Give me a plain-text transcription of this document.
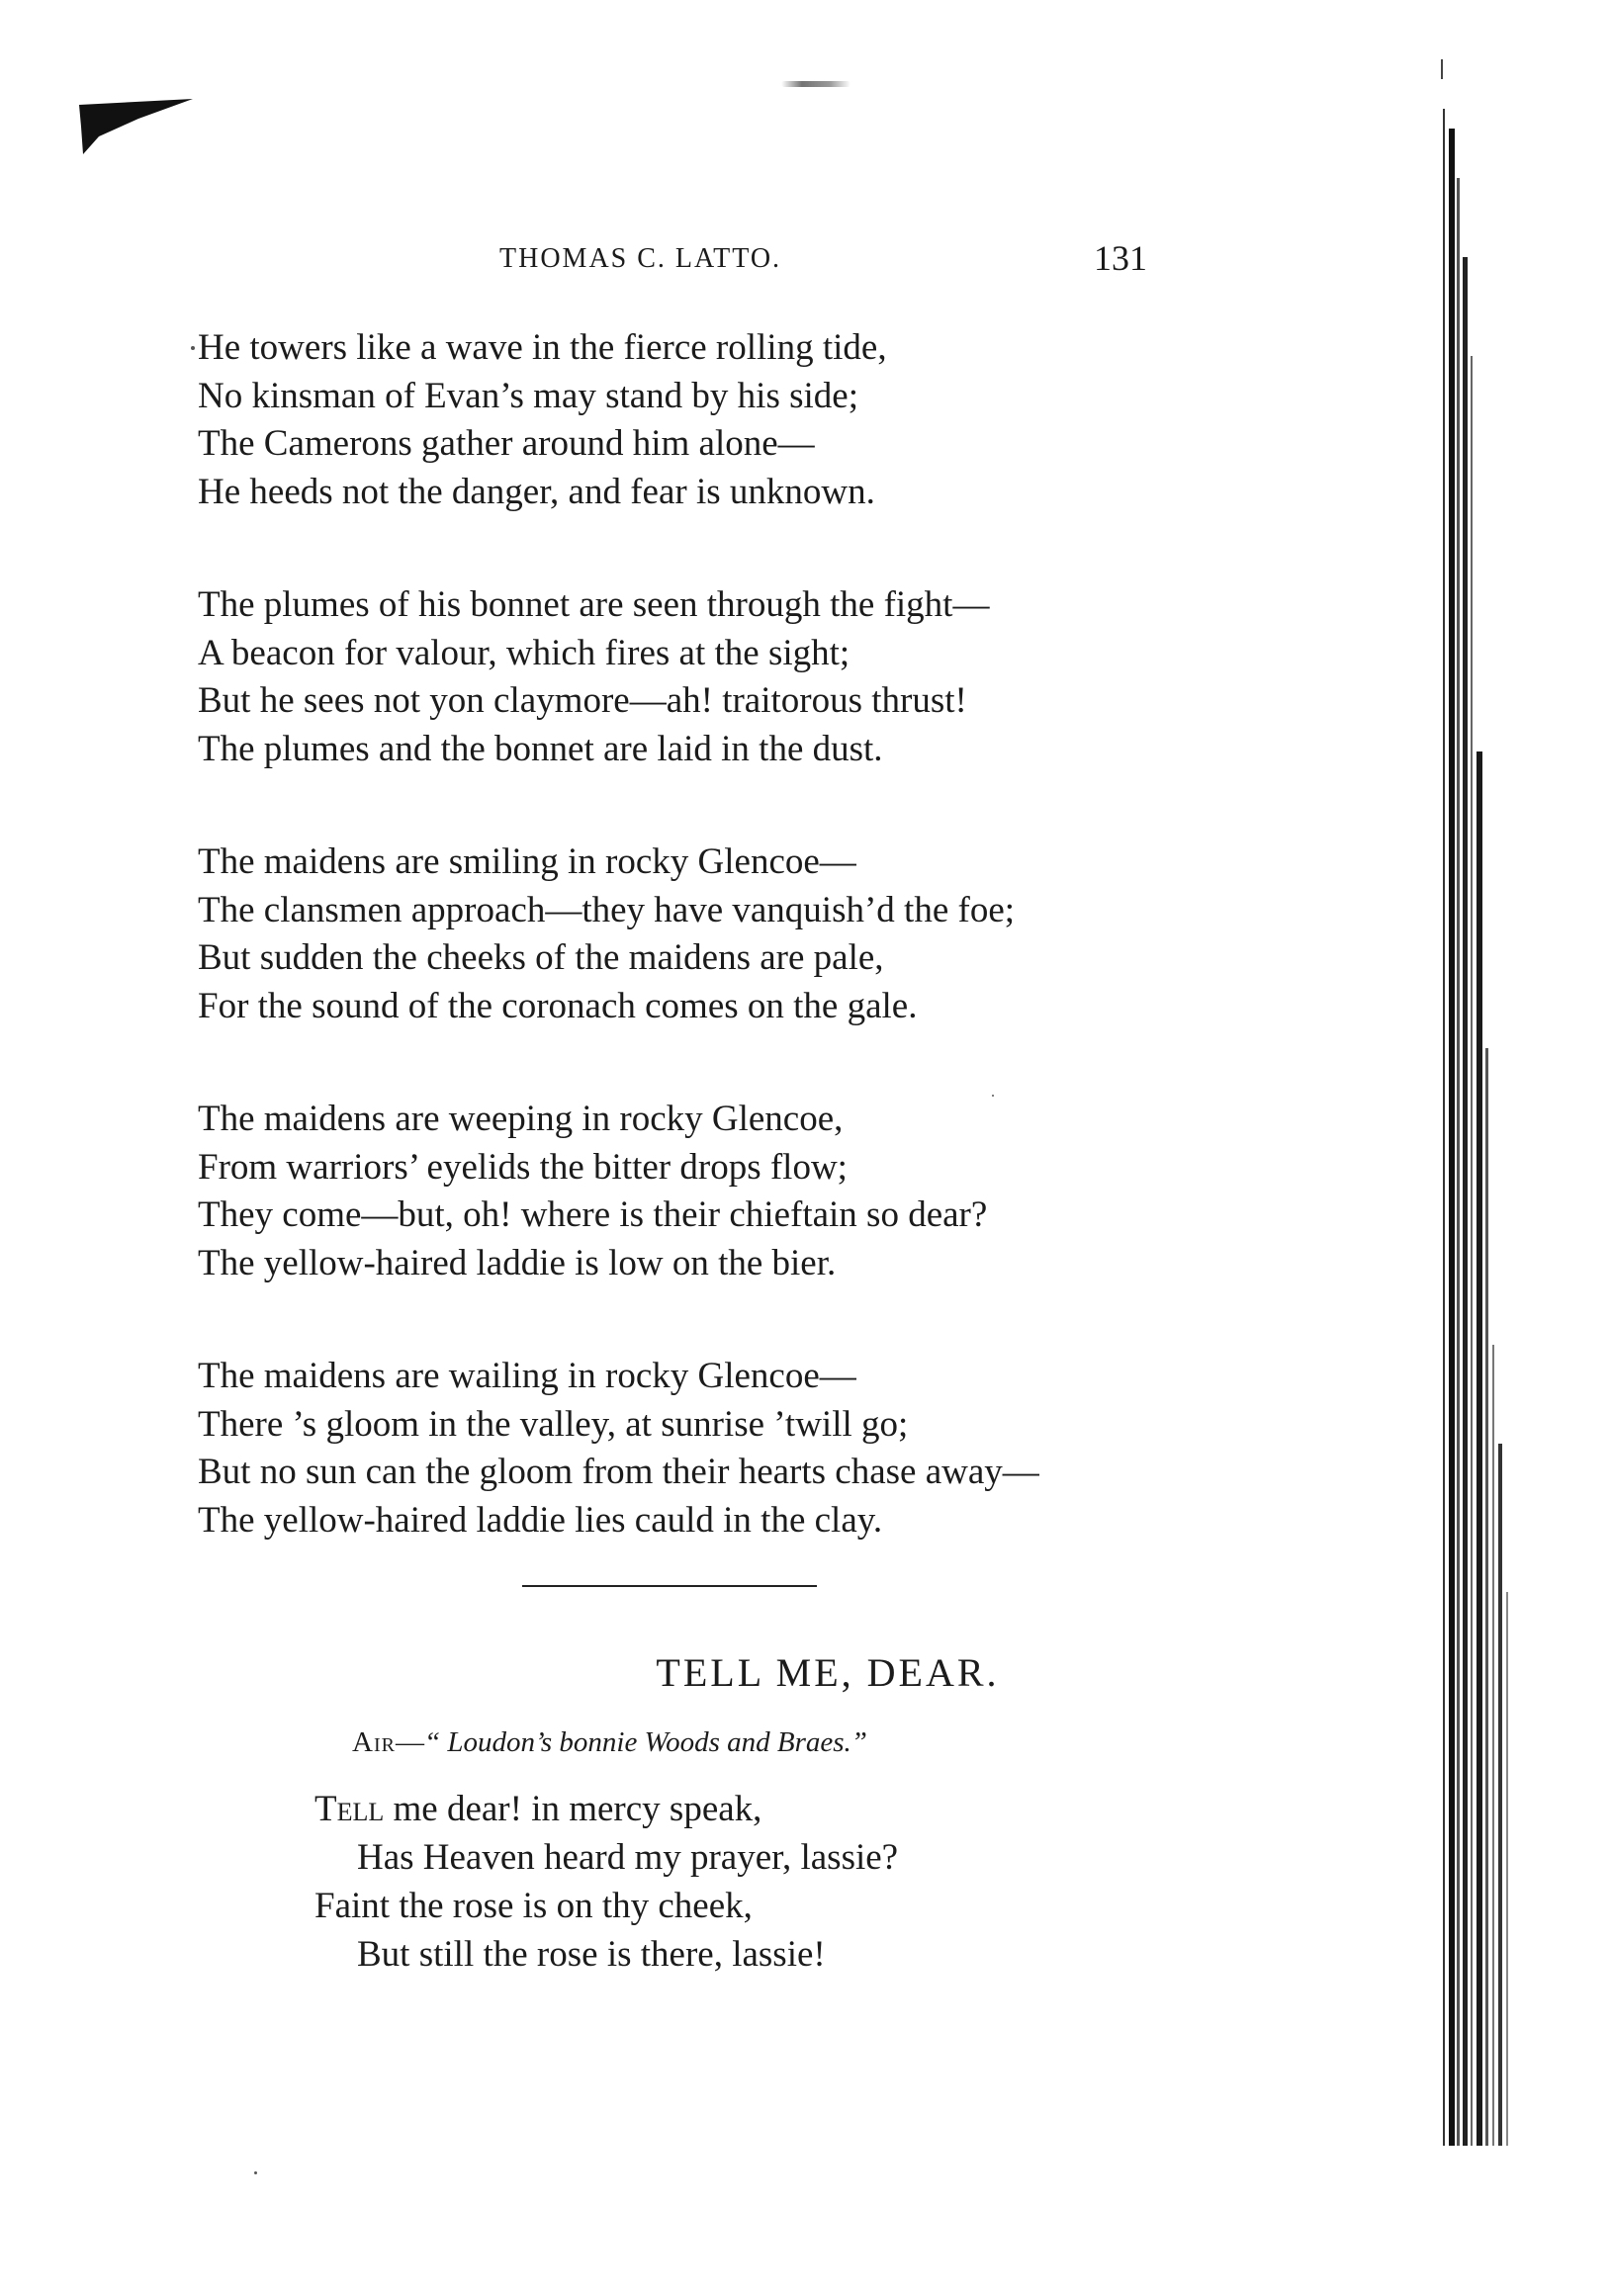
THOMAS C. LATTO.	131
He towers like a wave in the fierce rolling tide,
No kinsman of Evan’s may stand by his side;
The Camerons gather around him alone—
He heeds not the danger, and fear is unknown.
The plumes of his bonnet are seen through the fight—
A beacon for valour, which fires at the sight;
But he sees not yon claymore—ah! traitorous thrust!
The plumes and the bonnet are laid in the dust.
The maidens are smiling in rocky Glencoe—
The clansmen approach—they have vanquish’d the foe;
But sudden the cheeks of the maidens are pale,
For the sound of the coronach comes on the gale.
The maidens are weeping in rocky Glencoe,
From warriors’ eyelids the bitter drops flow;
They come—but, oh! where is their chieftain so dear?
The yellow-haired laddie is low on the bier.
The maidens are wailing in rocky Glencoe—
There ’s gloom in the valley, at sunrise ’twill go;
But no sun can the gloom from their hearts chase away—
The yellow-haired laddie lies cauld in the clay.
TELL ME, DEAR.
Air—“ Loudon’s bonnie Woods and Braes.”
Tell me dear! in mercy speak,
Has Heaven heard my prayer, lassie?
Faint the rose is on thy cheek,
But still the rose is there, lassie!
